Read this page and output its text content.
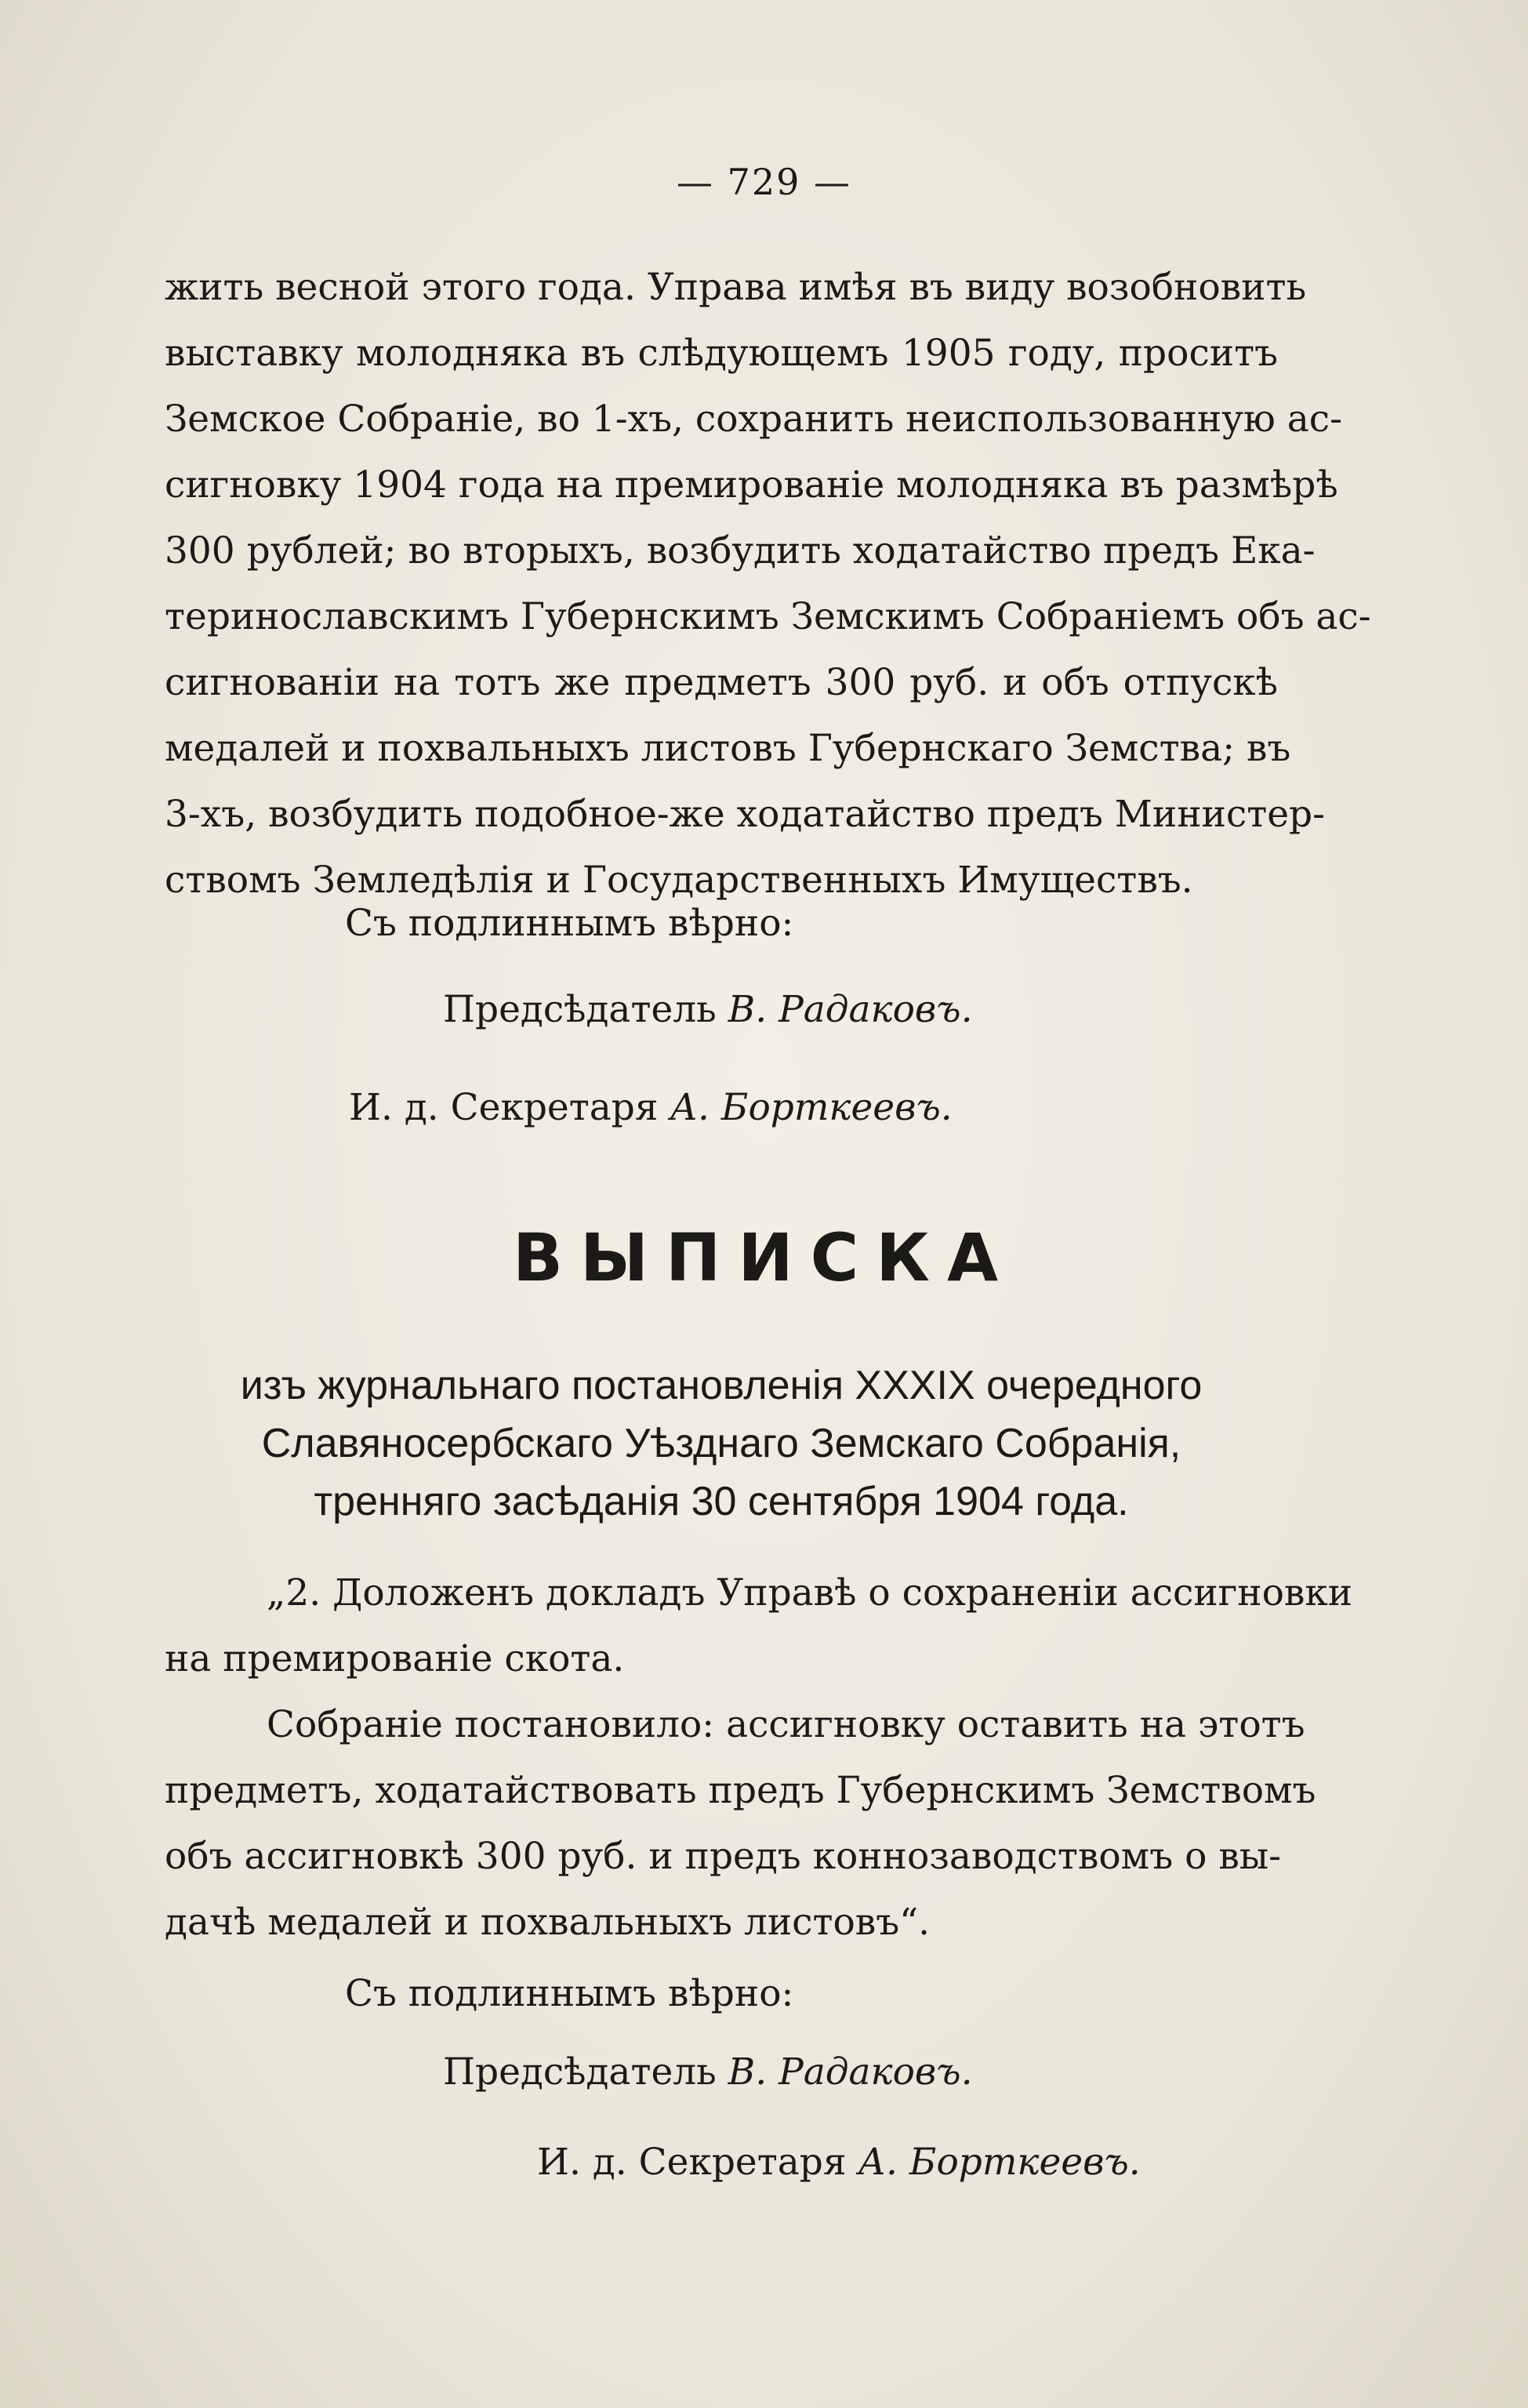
— 729 —
жить весной этого года. Управа имѣя въ виду возобновить
выставку молодняка въ слѣдующемъ 1905 году, проситъ
Земское Собраніе, во 1-хъ, сохранить неиспользованную ас-
сигновку 1904 года на премированіе молодняка въ размѣрѣ
300 рублей; во вторыхъ, возбудить ходатайство предъ Ека-
теринославскимъ Губернскимъ Земскимъ Собраніемъ объ ас-
сигнованіи на тотъ же предметъ 300 руб. и объ отпускѣ
медалей и похвальныхъ листовъ Губернскаго Земства; въ
3-хъ, возбудить подобное-же ходатайство предъ Министер-
ствомъ Земледѣлія и Государственныхъ Имуществъ.
Съ подлиннымъ вѣрно:
Предсѣдатель В. Радаковъ.
И. д. Секретаря А. Борткеевъ.
ВЫПИСКА
изъ журнальнаго постановленія XXXIX очередного
Славяносербскаго Уѣзднаго Земскаго Собранія,
тренняго засѣданія 30 сентября 1904 года.
„2. Доложенъ докладъ Управѣ о сохраненіи ассигновки
на премированіе скота.
Собраніе постановило: ассигновку оставить на этотъ
предметъ, ходатайствовать предъ Губернскимъ Земствомъ
объ ассигновкѣ 300 руб. и предъ коннозаводствомъ о вы-
дачѣ медалей и похвальныхъ листовъ“.
Съ подлиннымъ вѣрно:
Предсѣдатель В. Радаковъ.
И. д. Секретаря А. Борткеевъ.
